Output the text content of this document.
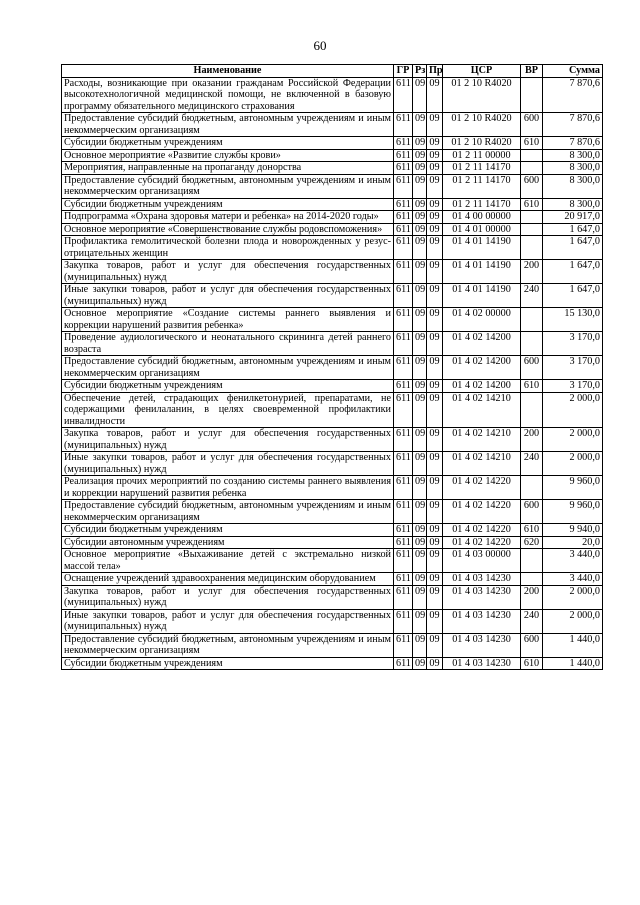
60
Наименование	ГР	Рз	Пр	ЦСР	ВР	Сумма
Расходы, возникающие при оказании гражданам Российской Федерации высокотехнологичной медицинской помощи, не включенной в базовую программу обязательного медицинского страхования	611	09	09	01 2 10 R4020		7 870,6
Предоставление субсидий бюджетным, автономным учреждениям и иным некоммерческим организациям	611	09	09	01 2 10 R4020	600	7 870,6
Субсидии бюджетным учреждениям	611	09	09	01 2 10 R4020	610	7 870,6
Основное мероприятие «Развитие службы крови»	611	09	09	01 2 11 00000		8 300,0
Мероприятия, направленные на пропаганду донорства	611	09	09	01 2 11 14170		8 300,0
Предоставление субсидий бюджетным, автономным учреждениям и иным некоммерческим организациям	611	09	09	01 2 11 14170	600	8 300,0
Субсидии бюджетным учреждениям	611	09	09	01 2 11 14170	610	8 300,0
Подпрограмма «Охрана здоровья матери и ребенка» на 2014-2020 годы»	611	09	09	01 4 00 00000		20 917,0
Основное мероприятие «Совершенствование службы родовспоможения»	611	09	09	01 4 01 00000		1 647,0
Профилактика гемолитической болезни плода и новорожденных у резус-отрицательных женщин	611	09	09	01 4 01 14190		1 647,0
Закупка товаров, работ и услуг для обеспечения государственных (муниципальных) нужд	611	09	09	01 4 01 14190	200	1 647,0
Иные закупки товаров, работ и услуг для обеспечения государственных (муниципальных) нужд	611	09	09	01 4 01 14190	240	1 647,0
Основное мероприятие «Создание системы раннего выявления и коррекции нарушений развития ребенка»	611	09	09	01 4 02 00000		15 130,0
Проведение аудиологического и неонатального скрининга детей раннего возраста	611	09	09	01 4 02 14200		3 170,0
Предоставление субсидий бюджетным, автономным учреждениям и иным некоммерческим организациям	611	09	09	01 4 02 14200	600	3 170,0
Субсидии бюджетным учреждениям	611	09	09	01 4 02 14200	610	3 170,0
Обеспечение детей, страдающих фенилкетонурией, препаратами, не содержащими фенилаланин, в целях своевременной профилактики инвалидности	611	09	09	01 4 02 14210		2 000,0
Закупка товаров, работ и услуг для обеспечения государственных (муниципальных) нужд	611	09	09	01 4 02 14210	200	2 000,0
Иные закупки товаров, работ и услуг для обеспечения государственных (муниципальных) нужд	611	09	09	01 4 02 14210	240	2 000,0
Реализация прочих мероприятий по созданию системы раннего выявления и коррекции нарушений развития ребенка	611	09	09	01 4 02 14220		9 960,0
Предоставление субсидий бюджетным, автономным учреждениям и иным некоммерческим организациям	611	09	09	01 4 02 14220	600	9 960,0
Субсидии бюджетным учреждениям	611	09	09	01 4 02 14220	610	9 940,0
Субсидии автономным учреждениям	611	09	09	01 4 02 14220	620	20,0
Основное мероприятие «Выхаживание детей с экстремально низкой массой тела»	611	09	09	01 4 03 00000		3 440,0
Оснащение учреждений здравоохранения медицинским оборудованием	611	09	09	01 4 03 14230		3 440,0
Закупка товаров, работ и услуг для обеспечения государственных (муниципальных) нужд	611	09	09	01 4 03 14230	200	2 000,0
Иные закупки товаров, работ и услуг для обеспечения государственных (муниципальных) нужд	611	09	09	01 4 03 14230	240	2 000,0
Предоставление субсидий бюджетным, автономным учреждениям и иным некоммерческим организациям	611	09	09	01 4 03 14230	600	1 440,0
Субсидии бюджетным учреждениям	611	09	09	01 4 03 14230	610	1 440,0
